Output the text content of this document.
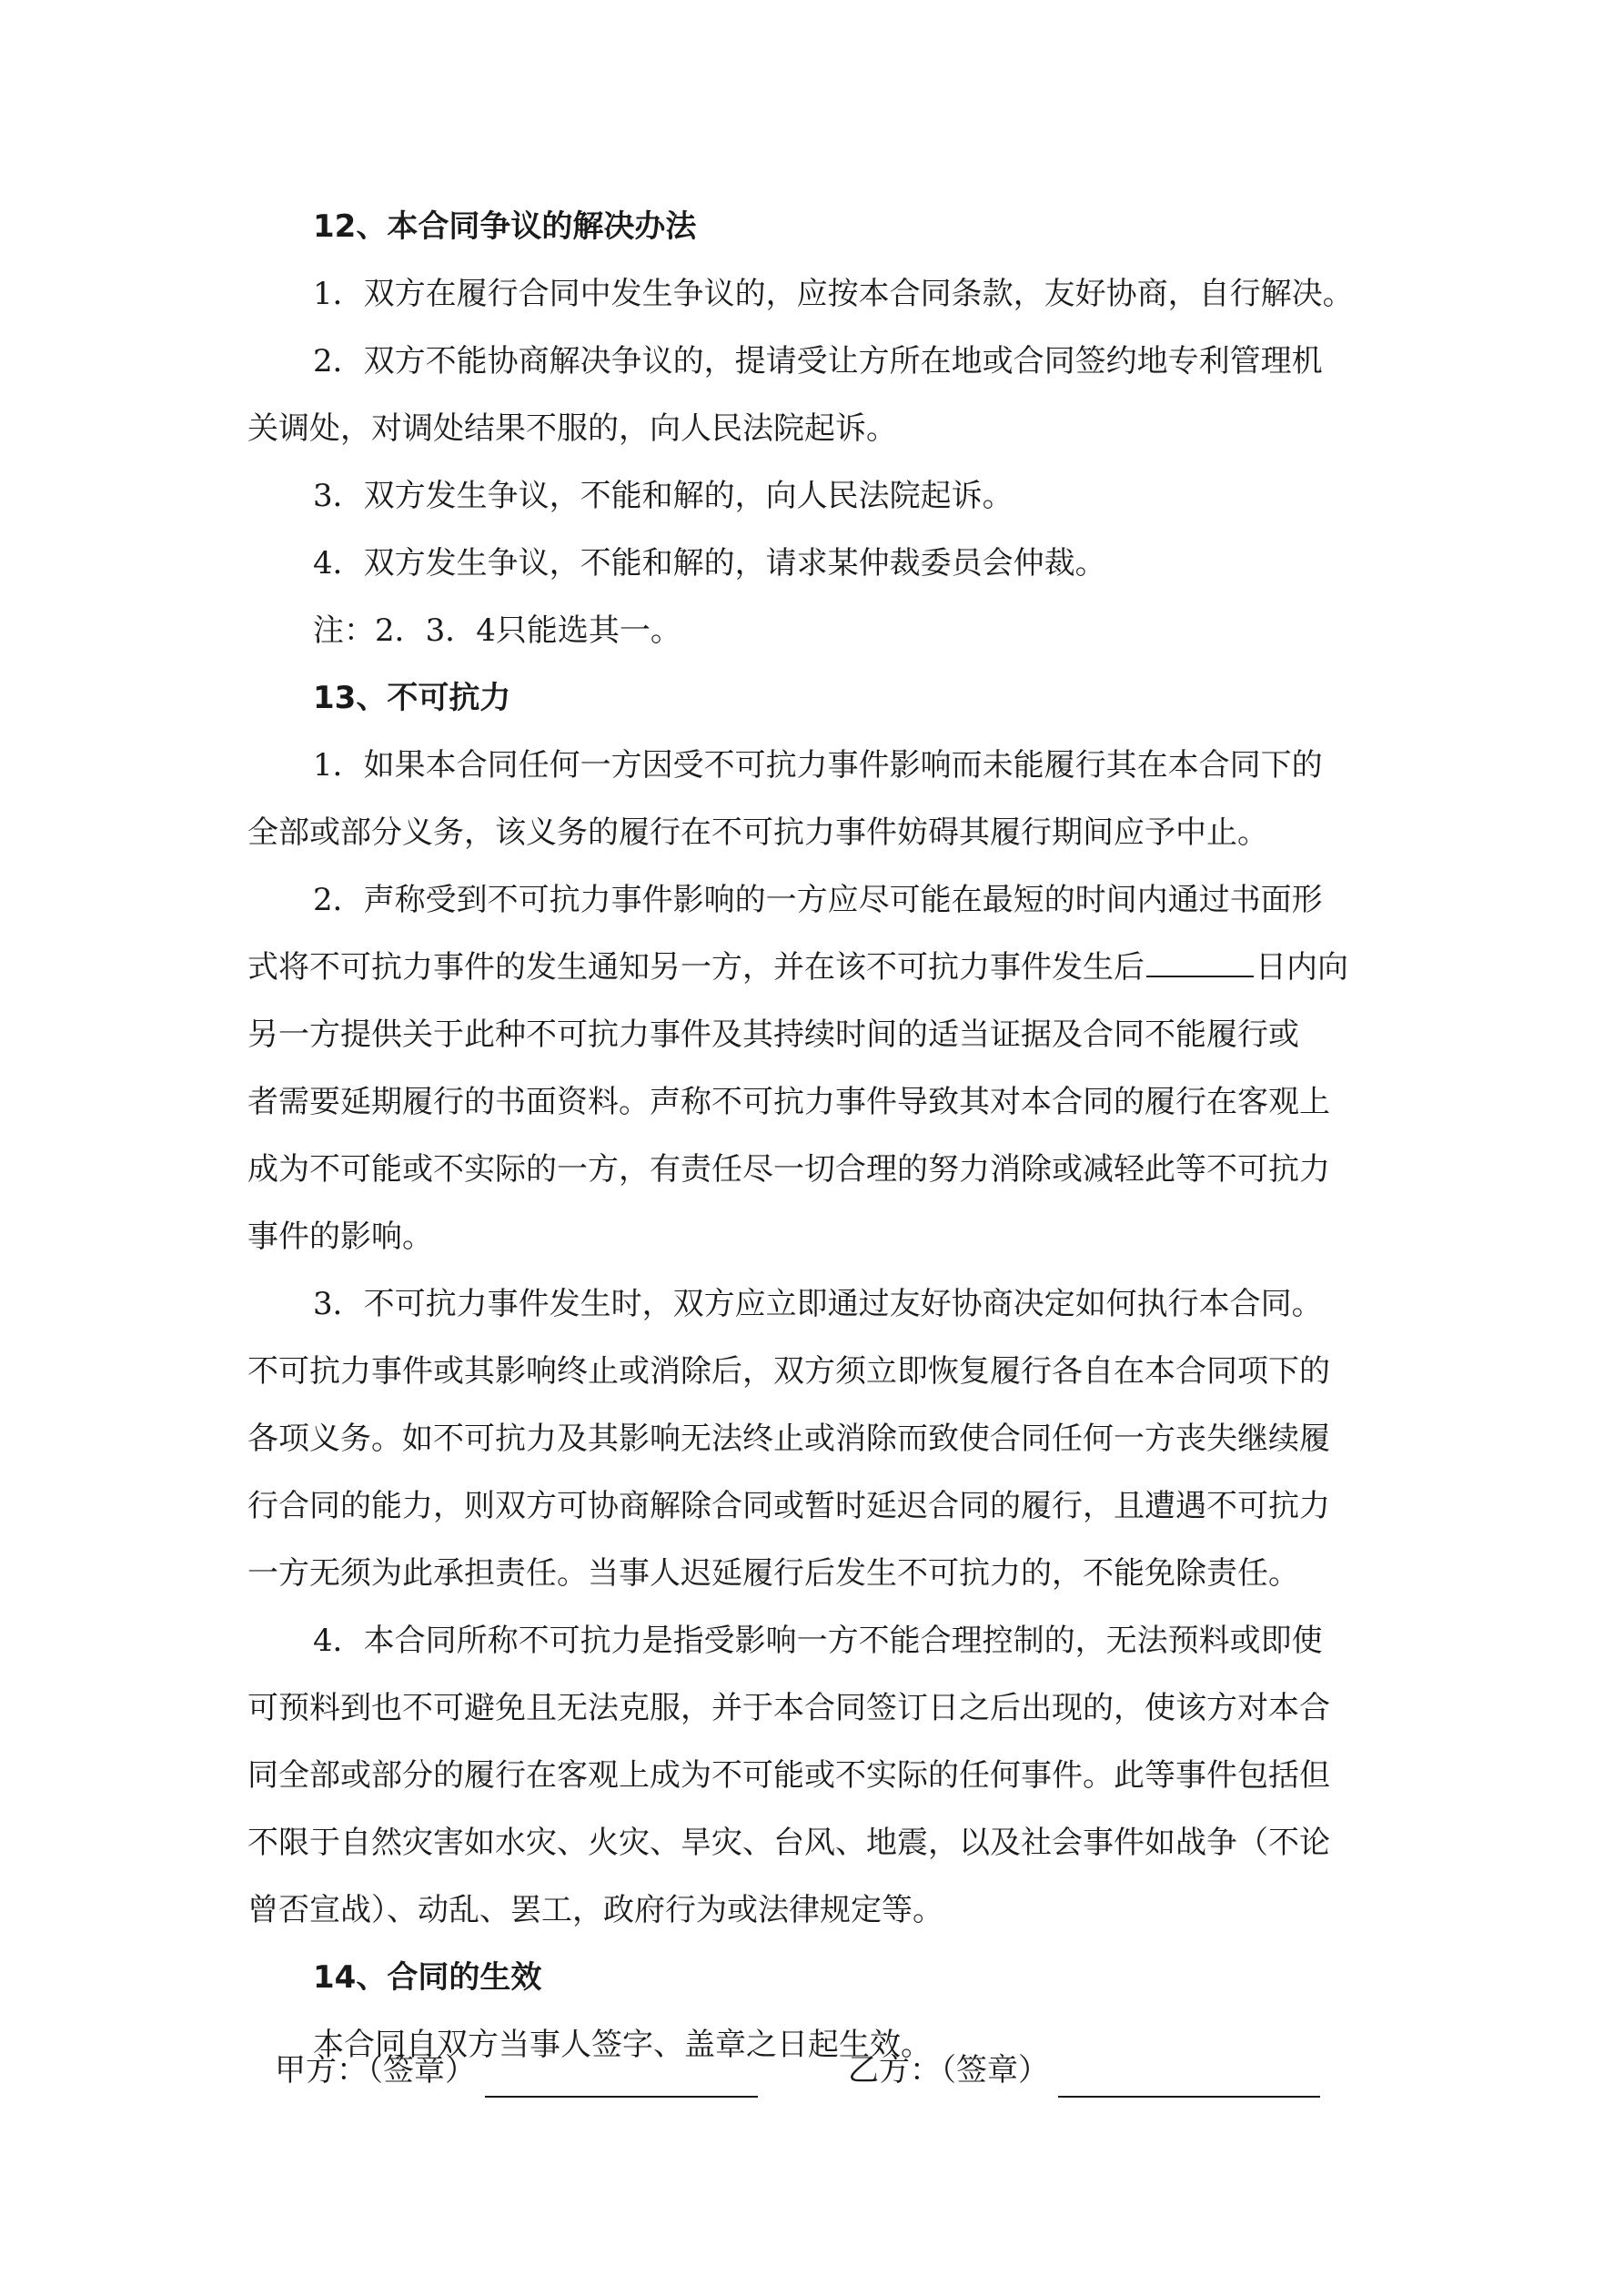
12、本合同争议的解决办法

1．双方在履行合同中发生争议的，应按本合同条款，友好协商，自行解决。

2．双方不能协商解决争议的，提请受让方所在地或合同签约地专利管理机

关调处，对调处结果不服的，向人民法院起诉。

3．双方发生争议，不能和解的，向人民法院起诉。

4．双方发生争议，不能和解的，请求某仲裁委员会仲裁。

注：2．3．4只能选其一。

13、不可抗力

1．如果本合同任何一方因受不可抗力事件影响而未能履行其在本合同下的

全部或部分义务，该义务的履行在不可抗力事件妨碍其履行期间应予中止。

2．声称受到不可抗力事件影响的一方应尽可能在最短的时间内通过书面形

式将不可抗力事件的发生通知另一方，并在该不可抗力事件发生后	日内向

另一方提供关于此种不可抗力事件及其持续时间的适当证据及合同不能履行或

者需要延期履行的书面资料。声称不可抗力事件导致其对本合同的履行在客观上

成为不可能或不实际的一方，有责任尽一切合理的努力消除或减轻此等不可抗力

事件的影响。

3．不可抗力事件发生时，双方应立即通过友好协商决定如何执行本合同。

不可抗力事件或其影响终止或消除后，双方须立即恢复履行各自在本合同项下的

各项义务。如不可抗力及其影响无法终止或消除而致使合同任何一方丧失继续履

行合同的能力，则双方可协商解除合同或暂时延迟合同的履行，且遭遇不可抗力

一方无须为此承担责任。当事人迟延履行后发生不可抗力的，不能免除责任。

4．本合同所称不可抗力是指受影响一方不能合理控制的，无法预料或即使

可预料到也不可避免且无法克服，并于本合同签订日之后出现的，使该方对本合

同全部或部分的履行在客观上成为不可能或不实际的任何事件。此等事件包括但

不限于自然灾害如水灾、火灾、旱灾、台风、地震，以及社会事件如战争（不论

曾否宣战）、动乱、罢工，政府行为或法律规定等。

14、合同的生效

本合同自双方当事人签字、盖章之日起生效。

甲方：（签章）	乙方：（签章）
